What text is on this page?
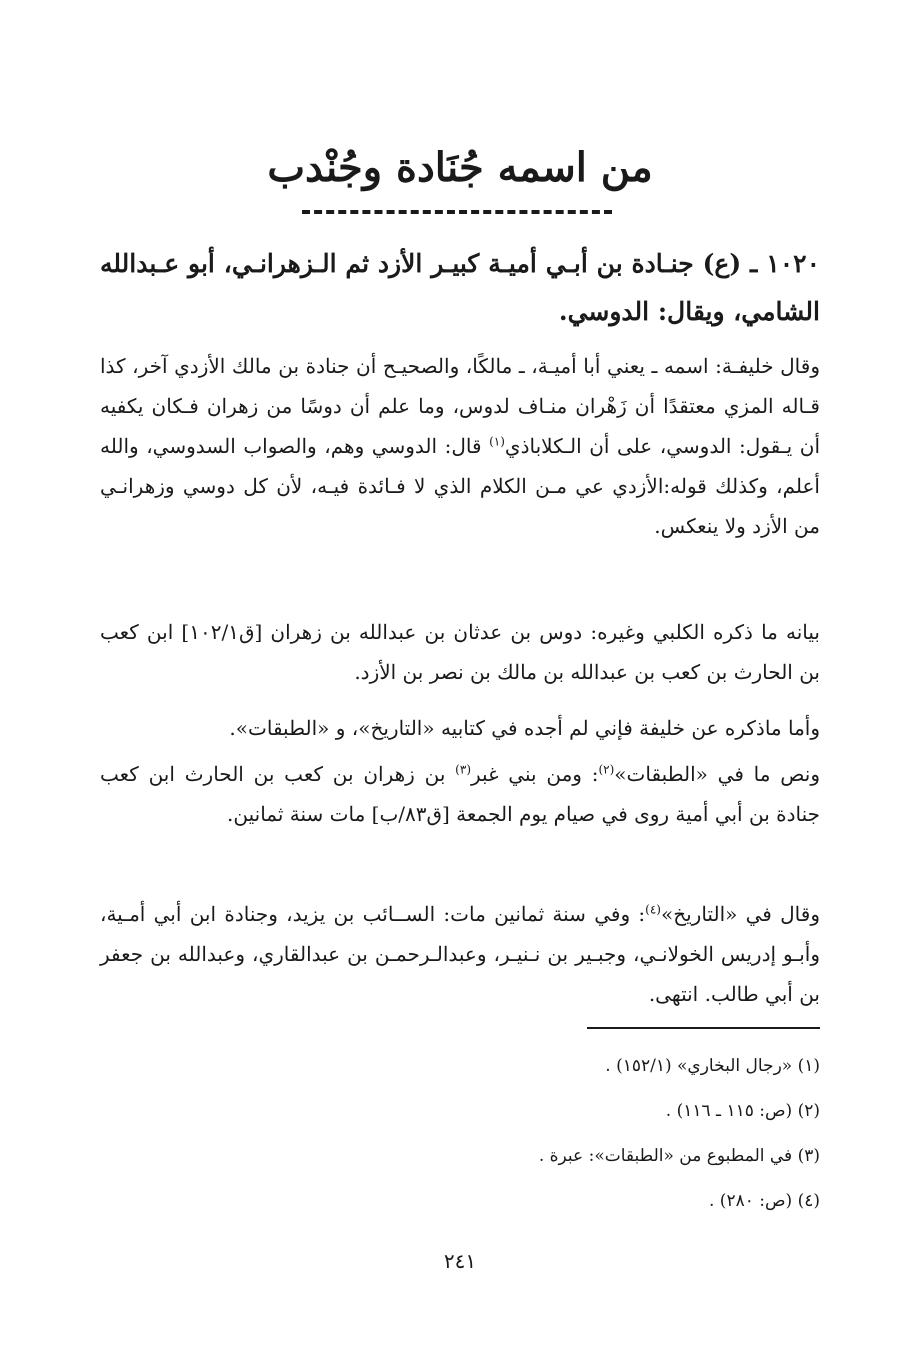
من اسمه جُنَادة وجُنْدب

١٠٢٠ ـ (ع) جنـادة بن أبـي أميـة كبيـر الأزد ثم الـزهرانـي، أبو عـبدالله الشامي، ويقال: الدوسي.

وقال خليفـة: اسمه ـ يعني أبا أميـة، ـ مالكًا، والصحيـح أن جنادة بن مالك الأزدي آخر، كذا قـاله المزي معتقدًا أن زَهْران منـاف لدوس، وما علم أن دوسًا من زهران فـكان يكفيه أن يـقول: الدوسي، على أن الـكلاباذي$^{(١)}$ قال: الدوسي وهم، والصواب السدوسي، والله أعلم، وكذلك قوله:الأزدي عي مـن الكلام الذي لا فـائدة فيـه، لأن كل دوسي وزهرانـي من الأزد ولا ينعكس.

بيانه ما ذكره الكلبي وغيره: دوس بن عدثان بن عبدالله بن زهران [ق١٠٢/١] ابن كعب بن الحارث بن كعب بن عبدالله بن مالك بن نصر بن الأزد.

وأما ماذكره عن خليفة فإني لم أجده في كتابيه «التاريخ»، و «الطبقات».

ونص ما في «الطبقات»$^{(٢)}$: ومن بني غبر$^{(٣)}$ بن زهران بن كعب بن الحارث ابن كعب جنادة بن أبي أمية روى في صيام يوم الجمعة [ق٨٣/ب] مات سنة ثمانين.

وقال في «التاريخ»$^{(٤)}$: وفي سنة ثمانين مات: الســائب بن يزيد، وجنادة ابن أبي أمـية، وأبـو إدريس الخولانـي، وجبـير بن نـنيـر، وعبدالـرحمـن بن عبدالقاري، وعبدالله بن جعفر بن أبي طالب. انتهى.

(١) «رجال البخاري» (١٥٢/١) .
(٢) (ص: ١١٥ ـ ١١٦) .
(٣) في المطبوع من «الطبقات»: عبرة .
(٤) (ص: ٢٨٠) .
٢٤١
